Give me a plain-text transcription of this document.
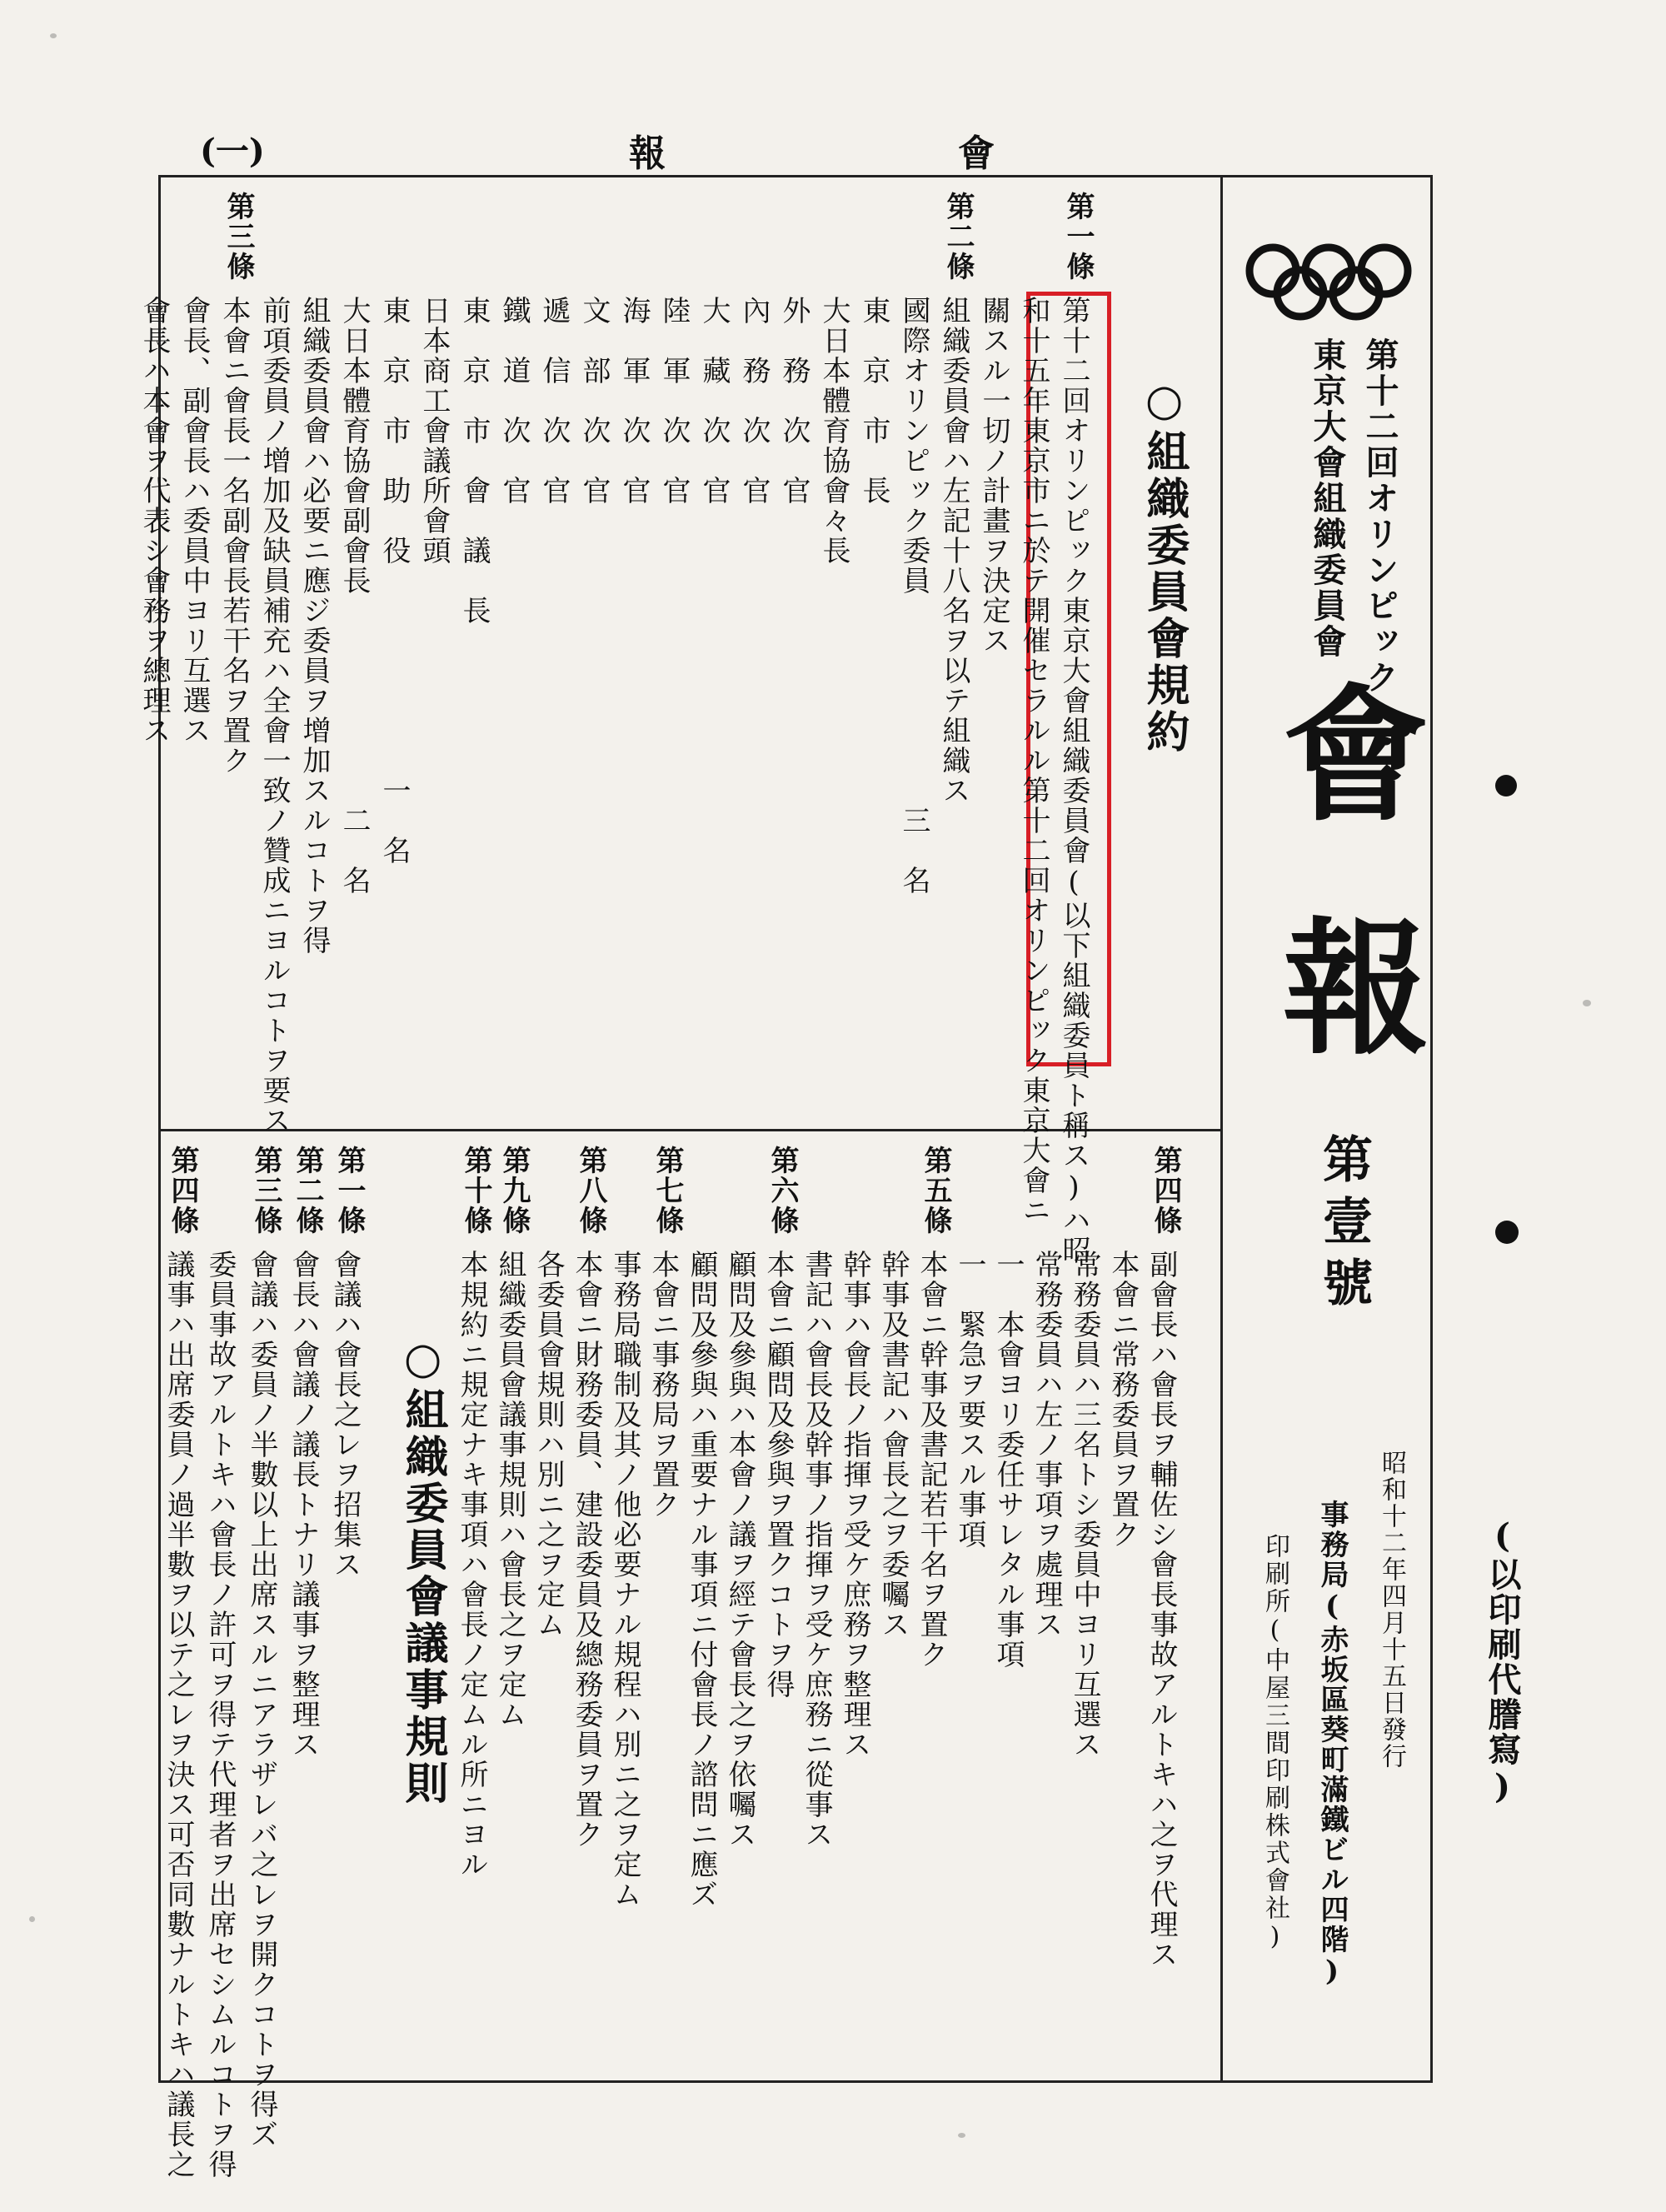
(一)	報	會
第十二回オリンピック
東京大會組織委員會
會
報
第壹號
昭和十二年四月十五日發行
事務局(赤坂區葵町滿鐵ビル四階)
印刷所(中屋三間印刷株式會社)	(以印刷代謄寫)
○組織委員會規約
第一條
第十二回オリンピック東京大會組織委員會(以下組織委員ト稱ス)ハ昭
和十五年東京市ニ於テ開催セラルル第十二回オリンピック東京大會ニ
關スル一切ノ計畫ヲ決定ス
第二條
組織委員會ハ左記十八名ヲ以テ組織ス
國際オリンピック委員　　　　　　　三　名
東　京　市　長
大日本體育協會々長
外　務　次　官
內　務　次　官
大　藏　次　官
陸　軍　次　官
海　軍　次　官
文　部　次　官
遞　信　次　官
鐵　道　次　官
東　京　市　會　議　長
日本商工會議所會頭
東　京　市　助　役　　　　　　　一　名
大日本體育協會副會長　　　　　　　二　名
組織委員會ハ必要ニ應ジ委員ヲ增加スルコトヲ得
前項委員ノ增加及缺員補充ハ全會一致ノ贊成ニヨルコトヲ要ス
第三條
本會ニ會長一名副會長若干名ヲ置ク
會長、副會長ハ委員中ヨリ互選ス
會長ハ本會ヲ代表シ會務ヲ總理ス
第四條
副會長ハ會長ヲ輔佐シ會長事故アルトキハ之ヲ代理ス
本會ニ常務委員ヲ置ク
常務委員ハ三名トシ委員中ヨリ互選ス
常務委員ハ左ノ事項ヲ處理ス
一　本會ヨリ委任サレタル事項
一　緊急ヲ要スル事項
第五條
本會ニ幹事及書記若干名ヲ置ク
幹事及書記ハ會長之ヲ委囑ス
幹事ハ會長ノ指揮ヲ受ケ庶務ヲ整理ス
書記ハ會長及幹事ノ指揮ヲ受ケ庶務ニ從事ス
第六條
本會ニ顧問及參與ヲ置クコトヲ得
顧問及參與ハ本會ノ議ヲ經テ會長之ヲ依囑ス
顧問及參與ハ重要ナル事項ニ付會長ノ諮問ニ應ズ
第七條
本會ニ事務局ヲ置ク
事務局職制及其ノ他必要ナル規程ハ別ニ之ヲ定ム
第八條
本會ニ財務委員、建設委員及總務委員ヲ置ク
各委員會規則ハ別ニ之ヲ定ム
第九條
組織委員會議事規則ハ會長之ヲ定ム
第十條
本規約ニ規定ナキ事項ハ會長ノ定ムル所ニヨル
○組織委員會議事規則
第一條
會議ハ會長之レヲ招集ス
第二條
會長ハ會議ノ議長トナリ議事ヲ整理ス
第三條
會議ハ委員ノ半數以上出席スルニアラザレバ之レヲ開クコトヲ得ズ
委員事故アルトキハ會長ノ許可ヲ得テ代理者ヲ出席セシムルコトヲ得
第四條
議事ハ出席委員ノ過半數ヲ以テ之レヲ決ス可否同數ナルトキハ議長之
